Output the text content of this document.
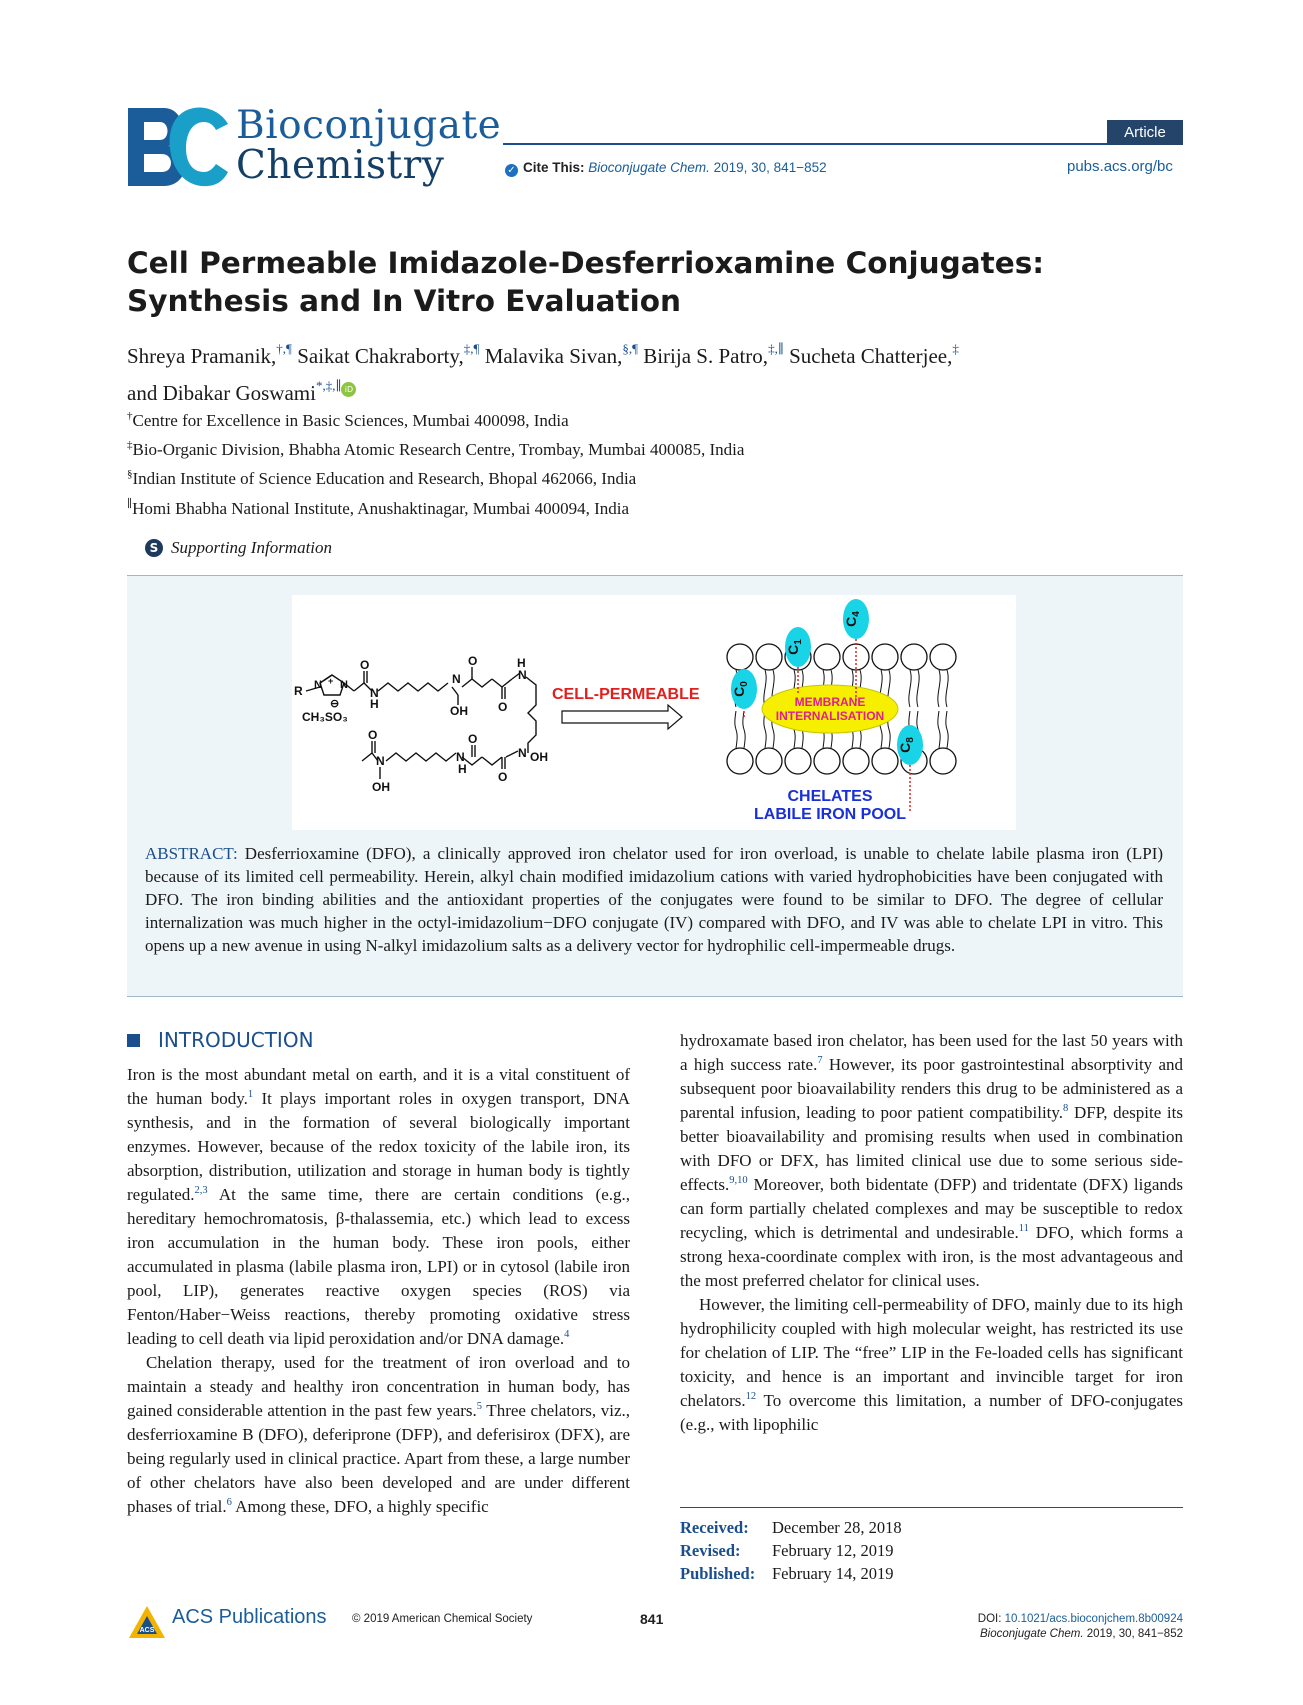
Bioconjugate
Chemistry
Article
✓ Cite This: Bioconjugate Chem. 2019, 30, 841−852	pubs.acs.org/bc
Cell Permeable Imidazole-Desferrioxamine Conjugates: Synthesis and In Vitro Evaluation
Shreya Pramanik,†,¶ Saikat Chakraborty,‡,¶ Malavika Sivan,§,¶ Birija S. Patro,‡,∥ Sucheta Chatterjee,‡
and Dibakar Goswami*,‡,∥ iD
†Centre for Excellence in Basic Sciences, Mumbai 400098, India
‡Bio-Organic Division, Bhabha Atomic Research Centre, Trombay, Mumbai 400085, India
§Indian Institute of Science Education and Research, Bhopal 462066, India
∥Homi Bhabha National Institute, Anushaktinagar, Mumbai 400094, India
S Supporting Information
R N N
+
⊖
CH₃SO₃
O
N
H
N
OH
O
O
H
N
O
N
OH
N
H
O
O
N OH
CELL-PERMEABLE	MEMBRANE
INTERNALISATION
$C_0$
$C_1$
$C_4$
$C_8$
CHELATES
LABILE IRON POOL
ABSTRACT: Desferrioxamine (DFO), a clinically approved iron chelator used for iron overload, is unable to chelate labile plasma iron (LPI) because of its limited cell permeability. Herein, alkyl chain modified imidazolium cations with varied hydrophobicities have been conjugated with DFO. The iron binding abilities and the antioxidant properties of the conjugates were found to be similar to DFO. The degree of cellular internalization was much higher in the octyl-imidazolium−DFO conjugate (IV) compared with DFO, and IV was able to chelate LPI in vitro. This opens up a new avenue in using N-alkyl imidazolium salts as a delivery vector for hydrophilic cell-impermeable drugs.
INTRODUCTION

Iron is the most abundant metal on earth, and it is a vital constituent of the human body.$^1$ It plays important roles in oxygen transport, DNA synthesis, and in the formation of several biologically important enzymes. However, because of the redox toxicity of the labile iron, its absorption, distribution, utilization and storage in human body is tightly regulated.$^{2,3}$ At the same time, there are certain conditions (e.g., hereditary hemochromatosis, β-thalassemia, etc.) which lead to excess iron accumulation in the human body. These iron pools, either accumulated in plasma (labile plasma iron, LPI) or in cytosol (labile iron pool, LIP), generates reactive oxygen species (ROS) via Fenton/Haber−Weiss reactions, thereby promoting oxidative stress leading to cell death via lipid peroxidation and/or DNA damage.$^4$

Chelation therapy, used for the treatment of iron overload and to maintain a steady and healthy iron concentration in human body, has gained considerable attention in the past few years.$^5$ Three chelators, viz., desferrioxamine B (DFO), deferiprone (DFP), and deferisirox (DFX), are being regularly used in clinical practice. Apart from these, a large number of other chelators have also been developed and are under different phases of trial.$^6$ Among these, DFO, a highly specific

hydroxamate based iron chelator, has been used for the last 50 years with a high success rate.$^7$ However, its poor gastrointestinal absorptivity and subsequent poor bioavailability renders this drug to be administered as a parental infusion, leading to poor patient compatibility.$^8$ DFP, despite its better bioavailability and promising results when used in combination with DFO or DFX, has limited clinical use due to some serious side-effects.$^{9,10}$ Moreover, both bidentate (DFP) and tridentate (DFX) ligands can form partially chelated complexes and may be susceptible to redox recycling, which is detrimental and undesirable.$^{11}$ DFO, which forms a strong hexa-coordinate complex with iron, is the most advantageous and the most preferred chelator for clinical uses.

However, the limiting cell-permeability of DFO, mainly due to its high hydrophilicity coupled with high molecular weight, has restricted its use for chelation of LIP. The “free” LIP in the Fe-loaded cells has significant toxicity, and hence is an important and invincible target for iron chelators.$^{12}$ To overcome this limitation, a number of DFO-conjugates (e.g., with lipophilic

Received: December 28, 2018
Revised: February 12, 2019
Published: February 14, 2019
ACS
ACS Publications © 2019 American Chemical Society	841	DOI: 10.1021/acs.bioconjchem.8b00924
Bioconjugate Chem. 2019, 30, 841−852
